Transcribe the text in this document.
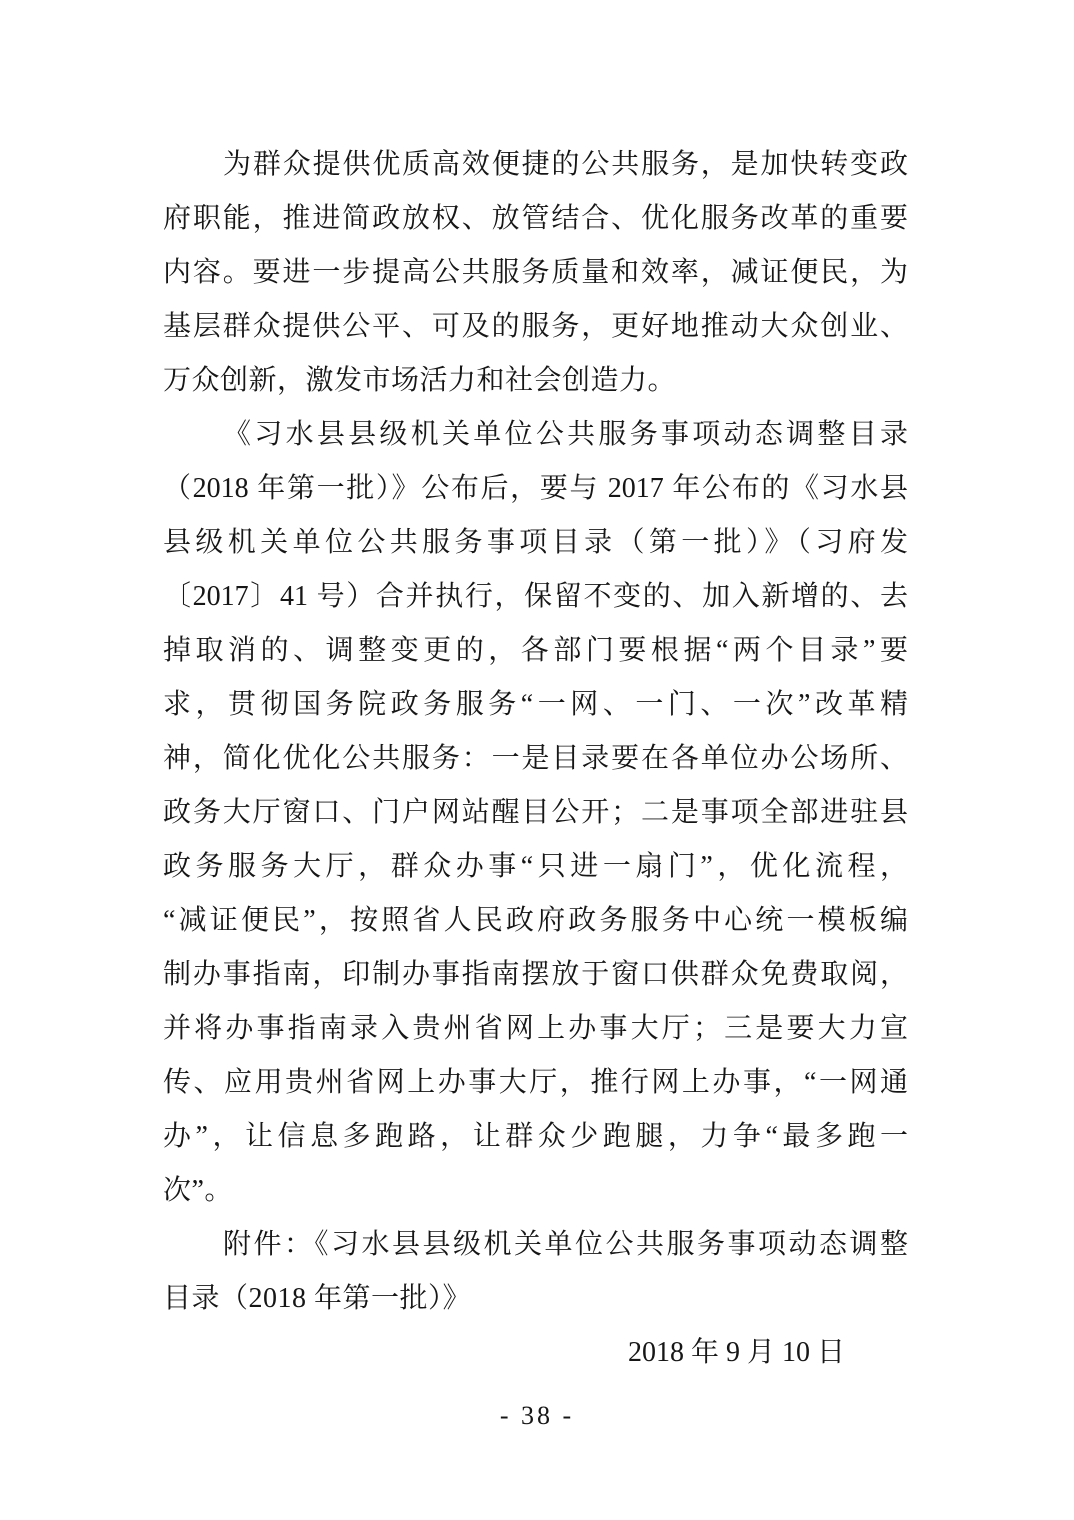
为群众提供优质高效便捷的公共服务，是加快转变政
府职能，推进简政放权、放管结合、优化服务改革的重要
内容。要进一步提高公共服务质量和效率，减证便民，为
基层群众提供公平、可及的服务，更好地推动大众创业、
万众创新，激发市场活力和社会创造力。
《习水县县级机关单位公共服务事项动态调整目录
（2018 年第一批）》公布后，要与 2017 年公布的《习水县
县级机关单位公共服务事项目录（第一批）》（习府发
〔2017〕41 号）合并执行，保留不变的、加入新增的、去
掉取消的、调整变更的，各部门要根据“两个目录”要
求，贯彻国务院政务服务“一网、一门、一次”改革精
神，简化优化公共服务：一是目录要在各单位办公场所、
政务大厅窗口、门户网站醒目公开；二是事项全部进驻县
政务服务大厅，群众办事“只进一扇门”，优化流程，
“减证便民”，按照省人民政府政务服务中心统一模板编
制办事指南，印制办事指南摆放于窗口供群众免费取阅，
并将办事指南录入贵州省网上办事大厅；三是要大力宣
传、应用贵州省网上办事大厅，推行网上办事，“一网通
办”，让信息多跑路，让群众少跑腿，力争“最多跑一
次”。
附件：《习水县县级机关单位公共服务事项动态调整
目录（2018 年第一批）》
2018 年 9 月 10 日
- 38 -
